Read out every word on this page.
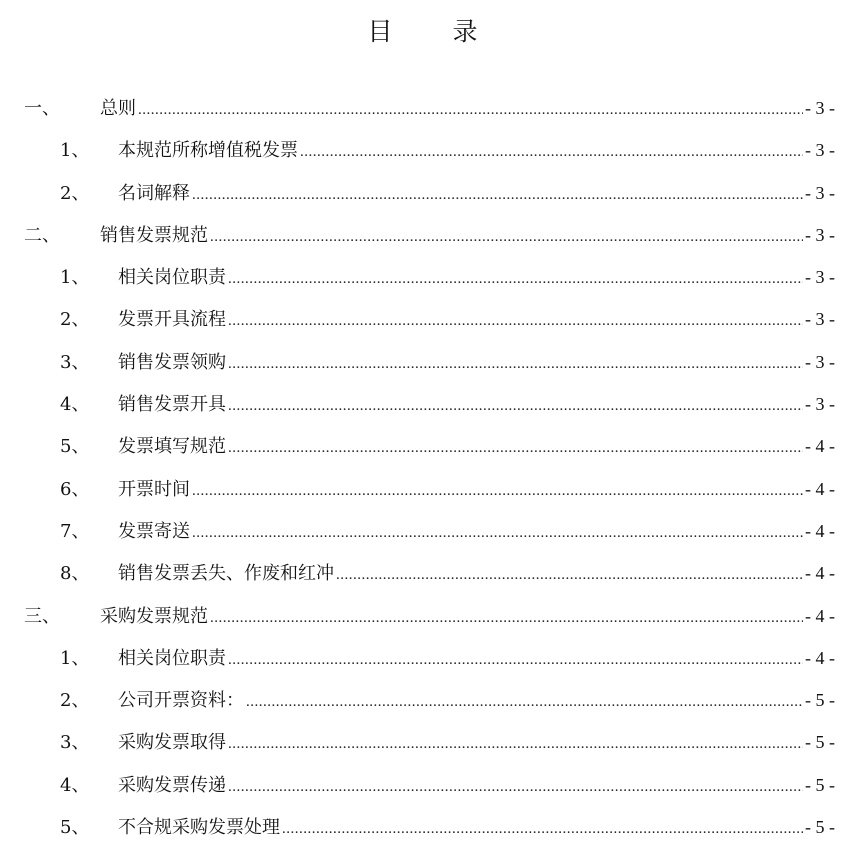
目 录
一、	总则 .....	- 3 -
1、	本规范所称增值税发票 .....	- 3 -
2、	名词解释 .....	- 3 -
二、	销售发票规范 .....	- 3 -
1、	相关岗位职责 .....	- 3 -
2、	发票开具流程 .....	- 3 -
3、	销售发票领购 .....	- 3 -
4、	销售发票开具 .....	- 3 -
5、	发票填写规范 .....	- 4 -
6、	开票时间 .....	- 4 -
7、	发票寄送 .....	- 4 -
8、	销售发票丢失、作废和红冲 .....	- 4 -
三、	采购发票规范 .....	- 4 -
1、	相关岗位职责 .....	- 4 -
2、	公司开票资料： .....	- 5 -
3、	采购发票取得 .....	- 5 -
4、	采购发票传递 .....	- 5 -
5、	不合规采购发票处理 .....	- 5 -
